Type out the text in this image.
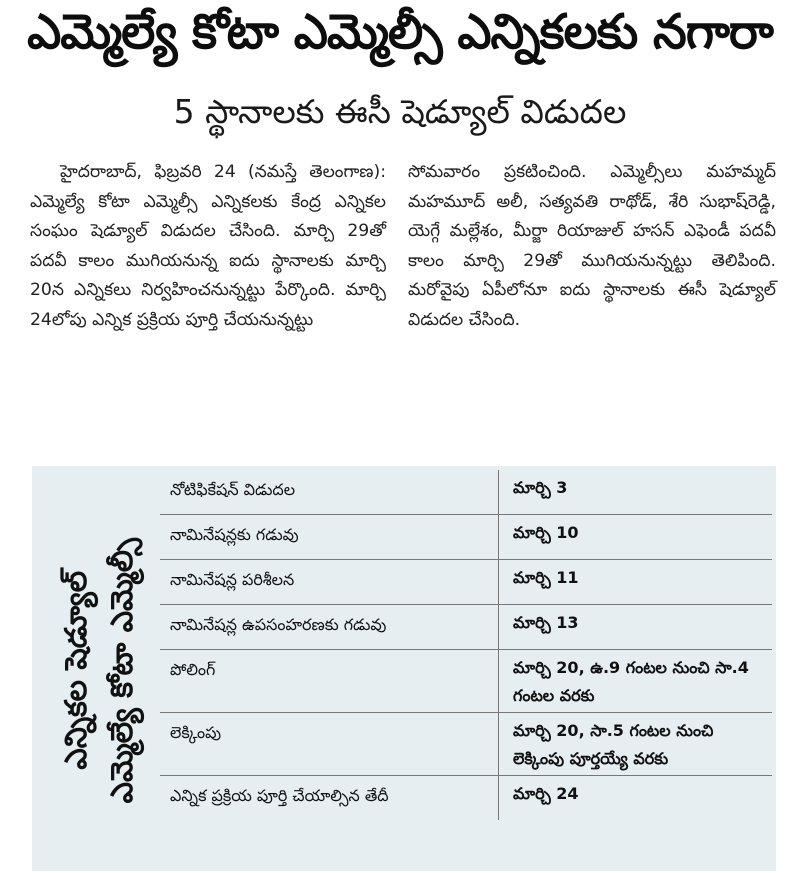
ఎమ్మెల్యే కోటా ఎమ్మెల్సీ ఎన్నికలకు నగారా
5 స్థానాలకు ఈసీ షెడ్యూల్ విడుదల

హైదరాబాద్, ఫిబ్రవరి 24 (నమస్తే తెలంగాణ): ఎమ్మెల్యే కోటా ఎమ్మెల్సీ ఎన్నికలకు కేంద్ర ఎన్నికల సంఘం షెడ్యూల్ విడుదల చేసింది. మార్చి 29తో పదవీ కాలం ముగియనున్న ఐదు స్థానాలకు మార్చి 20న ఎన్నికలు నిర్వహించనున్నట్టు పేర్కొంది. మార్చి 24లోపు ఎన్నిక ప్రక్రియ పూర్తి చేయనున్నట్టు

సోమవారం ప్రకటించింది. ఎమ్మెల్సీలు మహమ్మద్ మహమూద్ అలీ, సత్యవతి రాథోడ్, శేరి సుభాష్‌రెడ్డి, యెగ్గే మల్లేశం, మీర్జా రియాజుల్ హసన్ ఎఫెండీ పదవీ కాలం మార్చి 29తో ముగియనున్నట్టు తెలిపింది. మరోవైపు ఏపీలోనూ ఐదు స్థానాలకు ఈసీ షెడ్యూల్ విడుదల చేసింది.

ఎమ్మెల్యే కోటా ఎమ్మెల్సీ
ఎన్నికల షెడ్యూల్
నోటిఫికేషన్ విడుదల	మార్చి 3
నామినేషన్లకు గడువు	మార్చి 10
నామినేషన్ల పరిశీలన	మార్చి 11
నామినేషన్ల ఉపసంహరణకు గడువు	మార్చి 13
పోలింగ్	మార్చి 20, ఉ.9 గంటల నుంచి సా.4 గంటల వరకు
లెక్కింపు	మార్చి 20, సా.5 గంటల నుంచి లెక్కింపు పూర్తయ్యే వరకు
ఎన్నిక ప్రక్రియ పూర్తి చేయాల్సిన తేదీ	మార్చి 24
